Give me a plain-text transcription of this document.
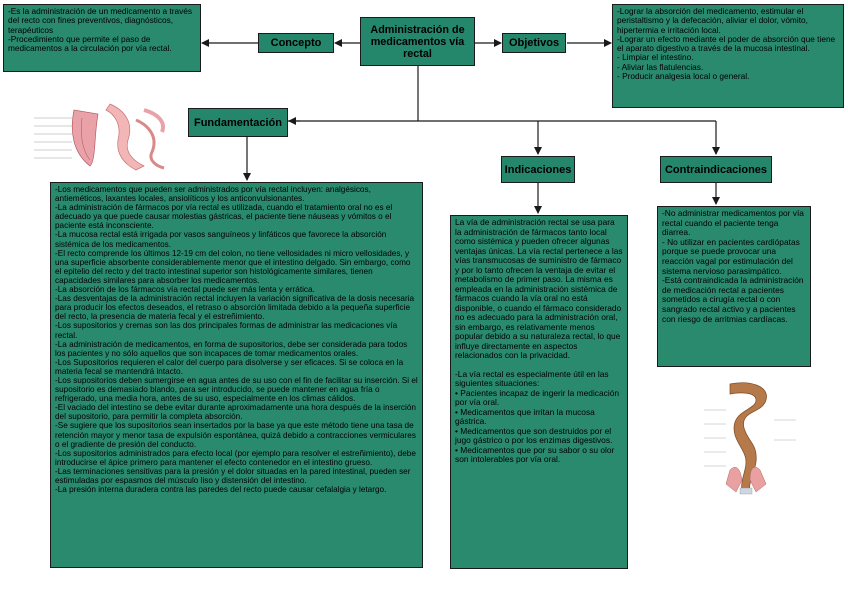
Administración de medicamentos vía rectal
Concepto

-Es la administración de un medicamento a través del recto con fines preventivos, diagnósticos, terapéuticos

-Procedimiento que permite el paso de medicamentos a la circulación por vía rectal.	Objetivos

-Lograr la absorción del medicamento, estimular el peristaltismo y la defecación, aliviar el dolor, vómito, hipertermia e irritación local.

-Lograr un efecto mediante el poder de absorción que tiene el aparato digestivo a través de la mucosa intestinal.

- Limpiar el intestino.

- Aliviar las flatulencias.

- Producir analgesia local o general.

Fundamentación

-Los medicamentos que pueden ser administrados por vía rectal incluyen: analgésicos, antieméticos, laxantes locales, ansiolíticos y los anticonvulsionantes.

-La administración de fármacos por vía rectal es utilizada, cuando el tratamiento oral no es el adecuado ya que puede causar molestias gástricas, el paciente tiene náuseas y vómitos o el paciente está inconsciente.

-La mucosa rectal está irrigada por vasos sanguíneos y linfáticos que favorece la absorción sistémica de los medicamentos.

-El recto comprende los últimos 12-19 cm del colon, no tiene vellosidades ni micro vellosidades, y una superficie absorbente considerablemente menor que el intestino delgado. Sin embargo, como el epitelio del recto y del tracto intestinal superior son histológicamente similares, tienen capacidades similares para absorber los medicamentos.

-La absorción de los fármacos vía rectal puede ser más lenta y errática.

-Las desventajas de la administración rectal incluyen la variación significativa de la dosis necesaria para producir los efectos deseados, el retraso o absorción limitada debido a la pequeña superficie del recto, la presencia de materia fecal y el estreñimiento.

-Los supositorios y cremas son las dos principales formas de administrar las medicaciones vía rectal.

-La administración de medicamentos, en forma de supositorios, debe ser considerada para todos los pacientes y no sólo aquellos que son incapaces de tomar medicamentos orales.

-Los Supositorios requieren el calor del cuerpo para disolverse y ser eficaces. Si se coloca en la materia fecal se mantendrá intacto.

-Los supositorios deben sumergirse en agua antes de su uso con el fin de facilitar su inserción. Si el supositorio es demasiado blando, para ser introducido, se puede mantener en agua fría o refrigerado, una media hora, antes de su uso, especialmente en los climas cálidos.

-El vaciado del intestino se debe evitar durante aproximadamente una hora después de la inserción del supositorio, para permitir la completa absorción.

-Se sugiere que los supositorios sean insertados por la base ya que este método tiene una tasa de retención mayor y menor tasa de expulsión espontánea, quizá debido a contracciones vermiculares o el gradiente de presión del conducto.

-Los supositorios administrados para efecto local (por ejemplo para resolver el estreñimiento), debe introducirse el ápice primero para mantener el efecto contenedor en el intestino grueso.

-Las terminaciones sensitivas para la presión y el dolor situadas en la pared intestinal, pueden ser estimuladas por espasmos del músculo liso y distensión del intestino.

-La presión interna duradera contra las paredes del recto puede causar cefalalgia y letargo.

Indicaciones

La vía de administración rectal se usa para la administración de fármacos tanto local como sistémica y pueden ofrecer algunas ventajas únicas. La vía rectal pertenece a las vías transmucosas de suministro de fármaco y por lo tanto ofrecen la ventaja de evitar el metabolismo de primer paso. La misma es empleada en la administración sistémica de fármacos cuando la vía oral no está disponible, o cuando el fármaco considerado no es adecuado para la administración oral, sin embargo, es relativamente menos popular debido a su naturaleza rectal, lo que influye directamente en aspectos relacionados con la privacidad.

-La vía rectal es especialmente útil en las siguientes situaciones:

• Pacientes incapaz de ingerir la medicación por vía oral.

• Medicamentos que irritan la mucosa gástrica.

• Medicamentos que son destruidos por el jugo gástrico o por los enzimas digestivos.

• Medicamentos que por su sabor o su olor son intolerables por vía oral.

Contraindicaciones

-No administrar medicamentos por vía rectal cuando el paciente tenga diarrea.

- No utilizar en pacientes cardiópatas porque se puede provocar una reacción vagal por estimulación del sistema nervioso parasimpático.

-Está contraindicada la administración de medicación rectal a pacientes sometidos a cirugía rectal o con sangrado rectal activo y a pacientes con riesgo de arritmias cardíacas.
